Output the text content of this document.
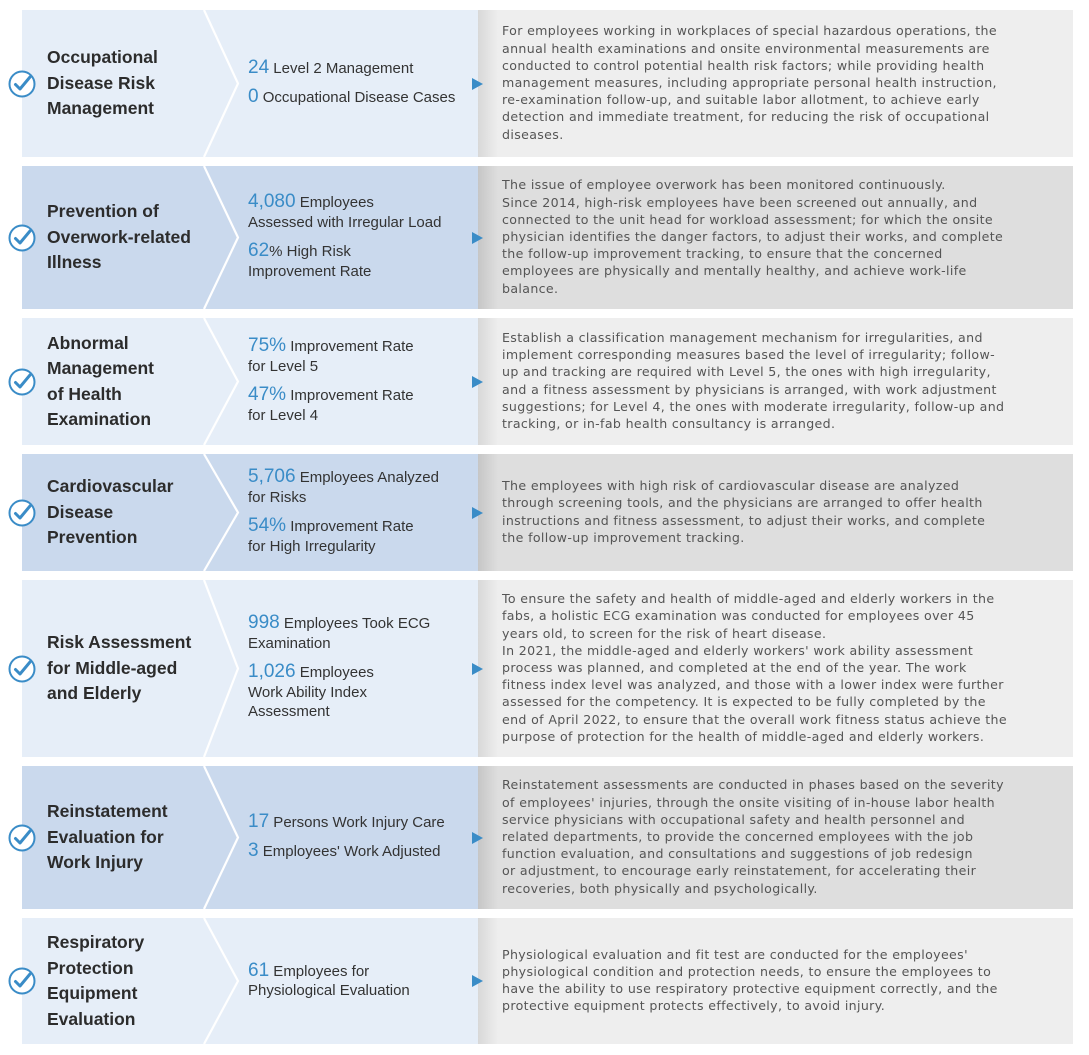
Occupational
Disease Risk
Management
24 Level 2 Management
0 Occupational Disease Cases
For employees working in workplaces of special hazardous operations, the
annual health examinations and onsite environmental measurements are
conducted to control potential health risk factors; while providing health
management measures, including appropriate personal health instruction,
re-examination follow-up, and suitable labor allotment, to achieve early
detection and immediate treatment, for reducing the risk of occupational
diseases.
Prevention of
Overwork-related
Illness
4,080 Employees
Assessed with Irregular Load
62% High Risk
Improvement Rate
The issue of employee overwork has been monitored continuously.
Since 2014, high-risk employees have been screened out annually, and
connected to the unit head for workload assessment; for which the onsite
physician identifies the danger factors, to adjust their works, and complete
the follow-up improvement tracking, to ensure that the concerned
employees are physically and mentally healthy, and achieve work-life
balance.
Abnormal
Management
of Health
Examination
75% Improvement Rate
for Level 5
47% Improvement Rate
for Level 4
Establish a classification management mechanism for irregularities, and
implement corresponding measures based the level of irregularity; follow-
up and tracking are required with Level 5, the ones with high irregularity,
and a fitness assessment by physicians is arranged, with work adjustment
suggestions; for Level 4, the ones with moderate irregularity, follow-up and
tracking, or in-fab health consultancy is arranged.
Cardiovascular
Disease
Prevention
5,706 Employees Analyzed
for Risks
54% Improvement Rate
for High Irregularity
The employees with high risk of cardiovascular disease are analyzed
through screening tools, and the physicians are arranged to offer health
instructions and fitness assessment, to adjust their works, and complete
the follow-up improvement tracking.
Risk Assessment
for Middle-aged
and Elderly
998 Employees Took ECG
Examination
1,026 Employees
Work Ability Index
Assessment
To ensure the safety and health of middle-aged and elderly workers in the
fabs, a holistic ECG examination was conducted for employees over 45
years old, to screen for the risk of heart disease.
In 2021, the middle-aged and elderly workers' work ability assessment
process was planned, and completed at the end of the year. The work
fitness index level was analyzed, and those with a lower index were further
assessed for the competency. It is expected to be fully completed by the
end of April 2022, to ensure that the overall work fitness status achieve the
purpose of protection for the health of middle-aged and elderly workers.
Reinstatement
Evaluation for
Work Injury
17 Persons Work Injury Care
3 Employees' Work Adjusted
Reinstatement assessments are conducted in phases based on the severity
of employees' injuries, through the onsite visiting of in-house labor health
service physicians with occupational safety and health personnel and
related departments, to provide the concerned employees with the job
function evaluation, and consultations and suggestions of job redesign
or adjustment, to encourage early reinstatement, for accelerating their
recoveries, both physically and psychologically.
Respiratory
Protection
Equipment
Evaluation
61 Employees for
Physiological Evaluation
Physiological evaluation and fit test are conducted for the employees'
physiological condition and protection needs, to ensure the employees to
have the ability to use respiratory protective equipment correctly, and the
protective equipment protects effectively, to avoid injury.
